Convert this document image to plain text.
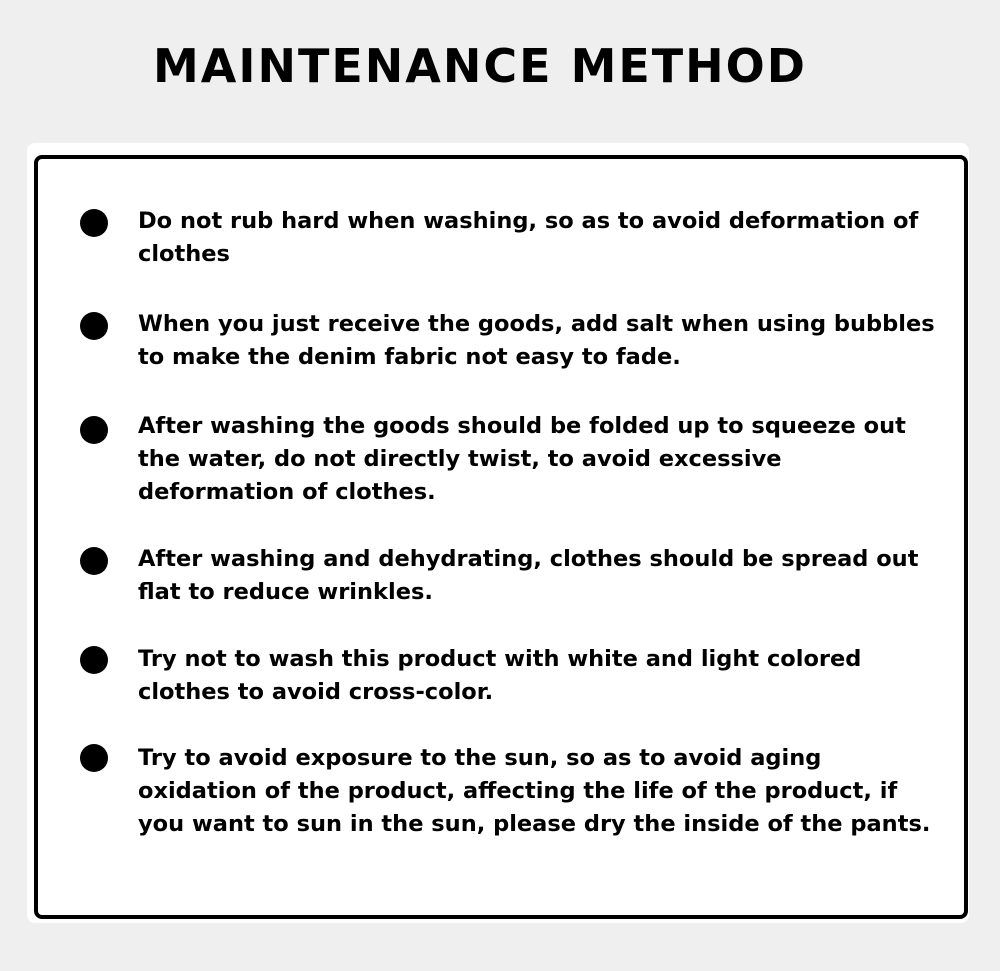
MAINTENANCE METHOD

Do not rub hard when washing, so as to avoid deformation of clothes

When you just receive the goods, add salt when using bubbles to make the denim fabric not easy to fade.

After washing the goods should be folded up to squeeze out the water, do not directly twist, to avoid excessive deformation of clothes.

After washing and dehydrating, clothes should be spread out flat to reduce wrinkles.

Try not to wash this product with white and light colored clothes to avoid cross-color.

Try to avoid exposure to the sun, so as to avoid aging oxidation of the product, affecting the life of the product, if you want to sun in the sun, please dry the inside of the pants.
